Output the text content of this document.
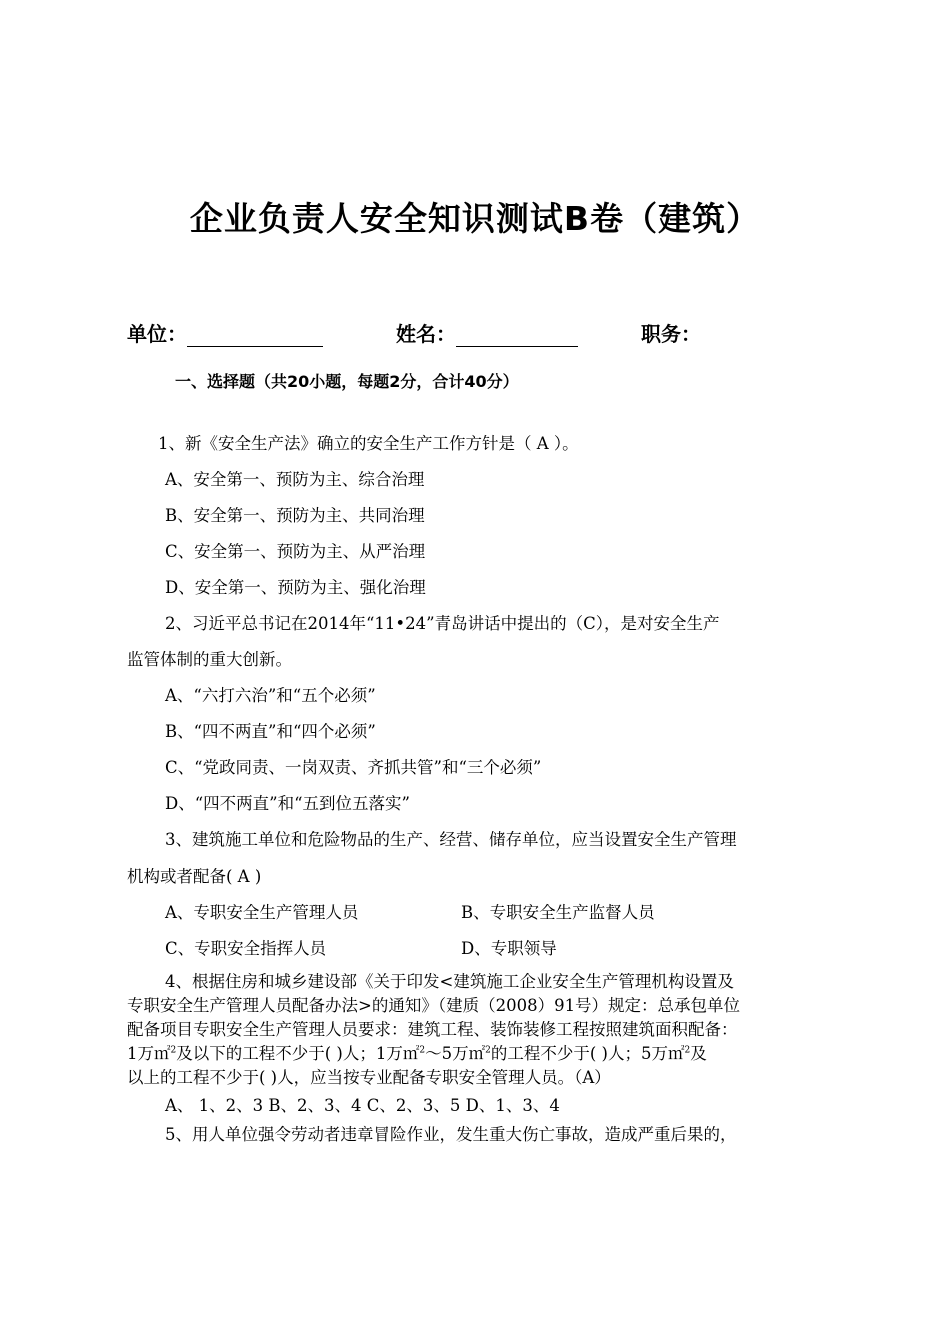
企业负责人安全知识测试B卷（建筑）
单位：	姓名：	职务：
一、选择题（共20小题，每题2分，合计40分）
1、新《安全生产法》确立的安全生产工作方针是（ A ）。
A、安全第一、预防为主、综合治理
B、安全第一、预防为主、共同治理
C、安全第一、预防为主、从严治理
D、安全第一、预防为主、强化治理
2、习近平总书记在2014年“11•24”青岛讲话中提出的（C），是对安全生产
监管体制的重大创新。
A、“六打六治”和“五个必须”
B、“四不两直”和“四个必须”
C、“党政同责、一岗双责、齐抓共管”和“三个必须”
D、“四不两直”和“五到位五落实”
3、建筑施工单位和危险物品的生产、经营、储存单位，应当设置安全生产管理
机构或者配备( A )
A、专职安全生产管理人员	B、专职安全生产监督人员
C、专职安全指挥人员	D、专职领导
4、根据住房和城乡建设部《关于印发<建筑施工企业安全生产管理机构设置及
专职安全生产管理人员配备办法>的通知》（建质（2008）91号）规定：总承包单位
配备项目专职安全生产管理人员要求：建筑工程、装饰装修工程按照建筑面积配备：
1万㎡$^2$及以下的工程不少于( )人；1万㎡$^2$～5万㎡$^2$的工程不少于( )人；5万㎡$^2$及
以上的工程不少于( )人，应当按专业配备专职安全管理人员。（A）
A、 1、2、3 B、2、3、4 C、2、3、5 D、1、3、4
5、用人单位强令劳动者违章冒险作业，发生重大伤亡事故，造成严重后果的，
